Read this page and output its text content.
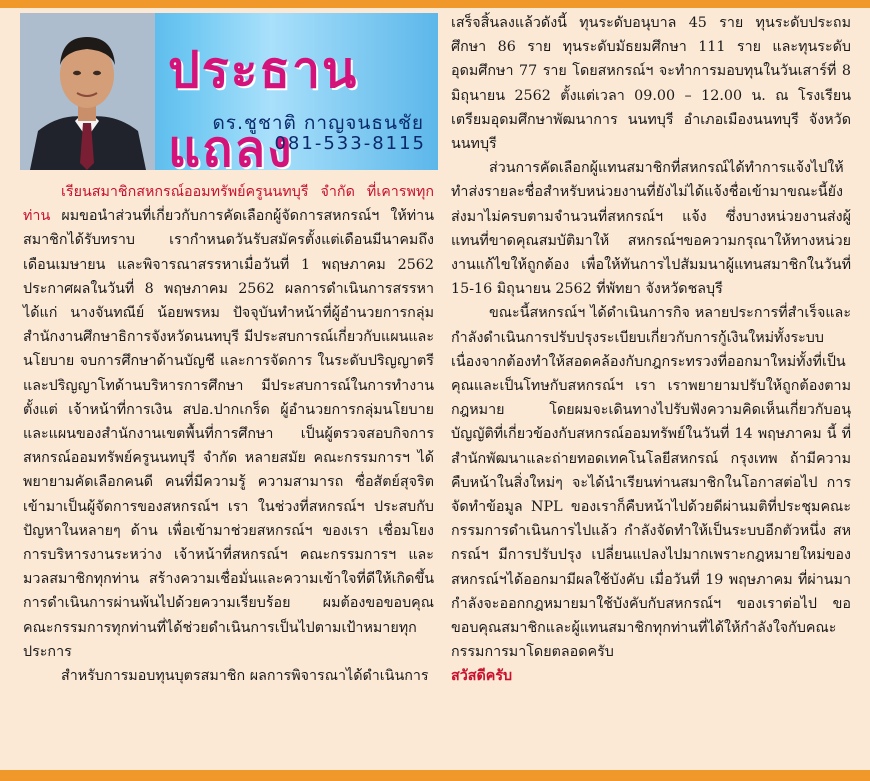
ประธานแถลง
ดร.ชูชาติ กาญจนธนชัย
081-533-8115

เรียนสมาชิกสหกรณ์ออมทรัพย์ครูนนทบุรี จำกัด ที่เคารพทุกท่าน ผมขอนำส่วนที่เกี่ยวกับการคัดเลือกผู้จัดการสหกรณ์ฯ ให้ท่านสมาชิกได้รับทราบ เรากำหนดวันรับสมัครตั้งแต่เดือนมีนาคมถึงเดือนเมษายน และพิจารณาสรรหาเมื่อวันที่ 1 พฤษภาคม 2562 ประกาศผลในวันที่ 8 พฤษภาคม 2562 ผลการดำเนินการสรรหาได้แก่ นางจันทณีย์ น้อยพรหม ปัจจุบันทำหน้าที่ผู้อำนวยการกลุ่มสำนักงานศึกษาธิการจังหวัดนนทบุรี มีประสบการณ์เกี่ยวกับแผนและนโยบาย จบการศึกษาด้านบัญชี และการจัดการ ในระดับปริญญาตรี และปริญญาโทด้านบริหารการศึกษา มีประสบการณ์ในการทำงานตั้งแต่ เจ้าหน้าที่การเงิน สปอ.ปากเกร็ด ผู้อำนวยการกลุ่มนโยบายและแผนของสำนักงานเขตพื้นที่การศึกษา เป็นผู้ตรวจสอบกิจการสหกรณ์ออมทรัพย์ครูนนทบุรี จำกัด หลายสมัย คณะกรรมการฯ ได้พยายามคัดเลือกคนดี คนที่มีความรู้ ความสามารถ ซื่อสัตย์สุจริต เข้ามาเป็นผู้จัดการของสหกรณ์ฯ เรา ในช่วงที่สหกรณ์ฯ ประสบกับปัญหาในหลายๆ ด้าน เพื่อเข้ามาช่วยสหกรณ์ฯ ของเรา เชื่อมโยงการบริหารงานระหว่าง เจ้าหน้าที่สหกรณ์ฯ คณะกรรมการฯ และมวลสมาชิกทุกท่าน สร้างความเชื่อมั่นและความเข้าใจที่ดีให้เกิดขึ้น การดำเนินการผ่านพ้นไปด้วยความเรียบร้อย ผมต้องขอขอบคุณคณะกรรมการทุกท่านที่ได้ช่วยดำเนินการเป็นไปตามเป้าหมายทุกประการ

สำหรับการมอบทุนบุตรสมาชิก ผลการพิจารณาได้ดำเนินการ

เสร็จสิ้นลงแล้วดังนี้ ทุนระดับอนุบาล 45 ราย ทุนระดับประถมศึกษา 86 ราย ทุนระดับมัธยมศึกษา 111 ราย และทุนระดับอุดมศึกษา 77 ราย โดยสหกรณ์ฯ จะทำการมอบทุนในวันเสาร์ที่ 8 มิถุนายน 2562 ตั้งแต่เวลา 09.00 – 12.00 น. ณ โรงเรียนเตรียมอุดมศึกษาพัฒนาการ นนทบุรี อำเภอเมืองนนทบุรี จังหวัดนนทบุรี

ส่วนการคัดเลือกผู้แทนสมาชิกที่สหกรณ์ได้ทำการแจ้งไปให้ทำส่งรายละชื่อสำหรับหน่วยงานที่ยังไม่ได้แจ้งชื่อเข้ามาขณะนี้ยังส่งมาไม่ครบตามจำนวนที่สหกรณ์ฯ แจ้ง ซึ่งบางหน่วยงานส่งผู้แทนที่ขาดคุณสมบัติมาให้ สหกรณ์ฯขอความกรุณาให้ทางหน่วยงานแก้ไขให้ถูกต้อง เพื่อให้ทันการไปสัมมนาผู้แทนสมาชิกในวันที่ 15-16 มิถุนายน 2562 ที่พัทยา จังหวัดชลบุรี

ขณะนี้สหกรณ์ฯ ได้ดำเนินการกิจ หลายประการที่สำเร็จและกำลังดำเนินการปรับปรุงระเบียบเกี่ยวกับการกู้เงินใหม่ทั้งระบบ เนื่องจากต้องทำให้สอดคล้องกับกฎกระทรวงที่ออกมาใหม่ทั้งที่เป็นคุณและเป็นโทษกับสหกรณ์ฯ เรา เราพยายามปรับให้ถูกต้องตามกฎหมาย โดยผมจะเดินทางไปรับฟังความคิดเห็นเกี่ยวกับอนุบัญญัติที่เกี่ยวข้องกับสหกรณ์ออมทรัพย์ในวันที่ 14 พฤษภาคม นี้ ที่สำนักพัฒนาและถ่ายทอดเทคโนโลยีสหกรณ์ กรุงเทพ ถ้ามีความคืบหน้าในสิ่งใหม่ๆ จะได้นำเรียนท่านสมาชิกในโอกาสต่อไป การจัดทำข้อมูล NPL ของเราก็คืบหน้าไปด้วยดีผ่านมติที่ประชุมคณะกรรมการดำเนินการไปแล้ว กำลังจัดทำให้เป็นระบบอีกตัวหนึ่ง สหกรณ์ฯ มีการปรับปรุง เปลี่ยนแปลงไปมากเพราะกฎหมายใหม่ของสหกรณ์ฯได้ออกมามีผลใช้บังคับ เมื่อวันที่ 19 พฤษภาคม ที่ผ่านมา กำลังจะออกกฎหมายมาใช้บังคับกับสหกรณ์ฯ ของเราต่อไป ขอขอบคุณสมาชิกและผู้แทนสมาชิกทุกท่านที่ได้ให้กำลังใจกับคณะกรรมการมาโดยตลอดครับ

สวัสดีครับ
